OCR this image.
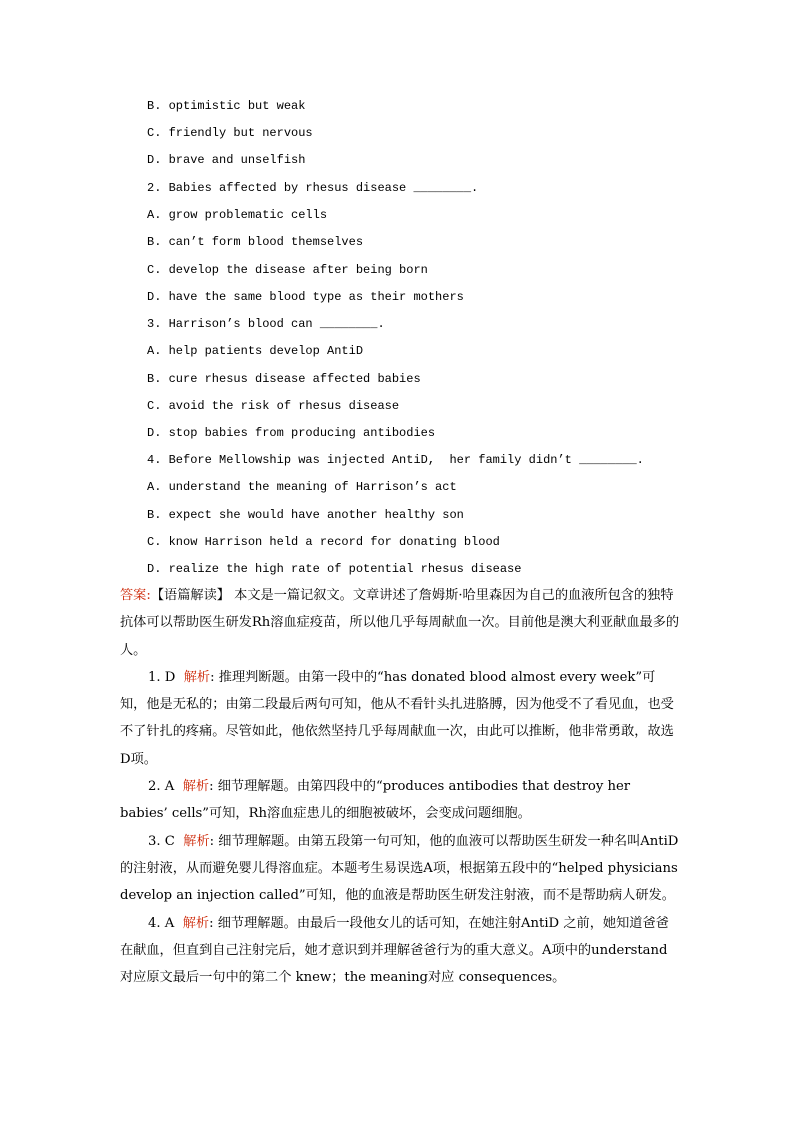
B. optimistic but weak
C. friendly but nervous
D. brave and unselfish
2. Babies affected by rhesus disease ________.
A. grow problematic cells
B. can’t form blood themselves
C. develop the disease after being born
D. have the same blood type as their mothers
3. Harrison’s blood can ________.
A. help patients develop AntiD
B. cure rhesus disease affected babies
C. avoid the risk of rhesus disease
D. stop babies from producing antibodies
4. Before Mellowship was injected AntiD,  her family didn’t ________.
A. understand the meaning of Harrison’s act
B. expect she would have another healthy son
C. know Harrison held a record for donating blood
D. realize the high rate of potential rhesus disease

答案:【语篇解读】 本文是一篇记叙文。文章讲述了詹姆斯·哈里森因为自己的血液所包含的独特抗体可以帮助医生研发Rh溶血症疫苗，所以他几乎每周献血一次。目前他是澳大利亚献血最多的人。

1. D 解析: 推理判断题。由第一段中的“has donated blood almost every week”可知，他是无私的；由第二段最后两句可知，他从不看针头扎进胳膊，因为他受不了看见血，也受不了针扎的疼痛。尽管如此，他依然坚持几乎每周献血一次，由此可以推断，他非常勇敢，故选D项。

2. A 解析: 细节理解题。由第四段中的“produces antibodies that destroy her babies’ cells”可知，Rh溶血症患儿的细胞被破坏，会变成问题细胞。

3. C 解析: 细节理解题。由第五段第一句可知，他的血液可以帮助医生研发一种名叫AntiD 的注射液，从而避免婴儿得溶血症。本题考生易误选A项，根据第五段中的“helped physicians develop an injection called”可知，他的血液是帮助医生研发注射液，而不是帮助病人研发。

4. A 解析: 细节理解题。由最后一段他女儿的话可知，在她注射AntiD 之前，她知道爸爸在献血，但直到自己注射完后，她才意识到并理解爸爸行为的重大意义。A项中的understand对应原文最后一句中的第二个 knew；the meaning对应 consequences。
